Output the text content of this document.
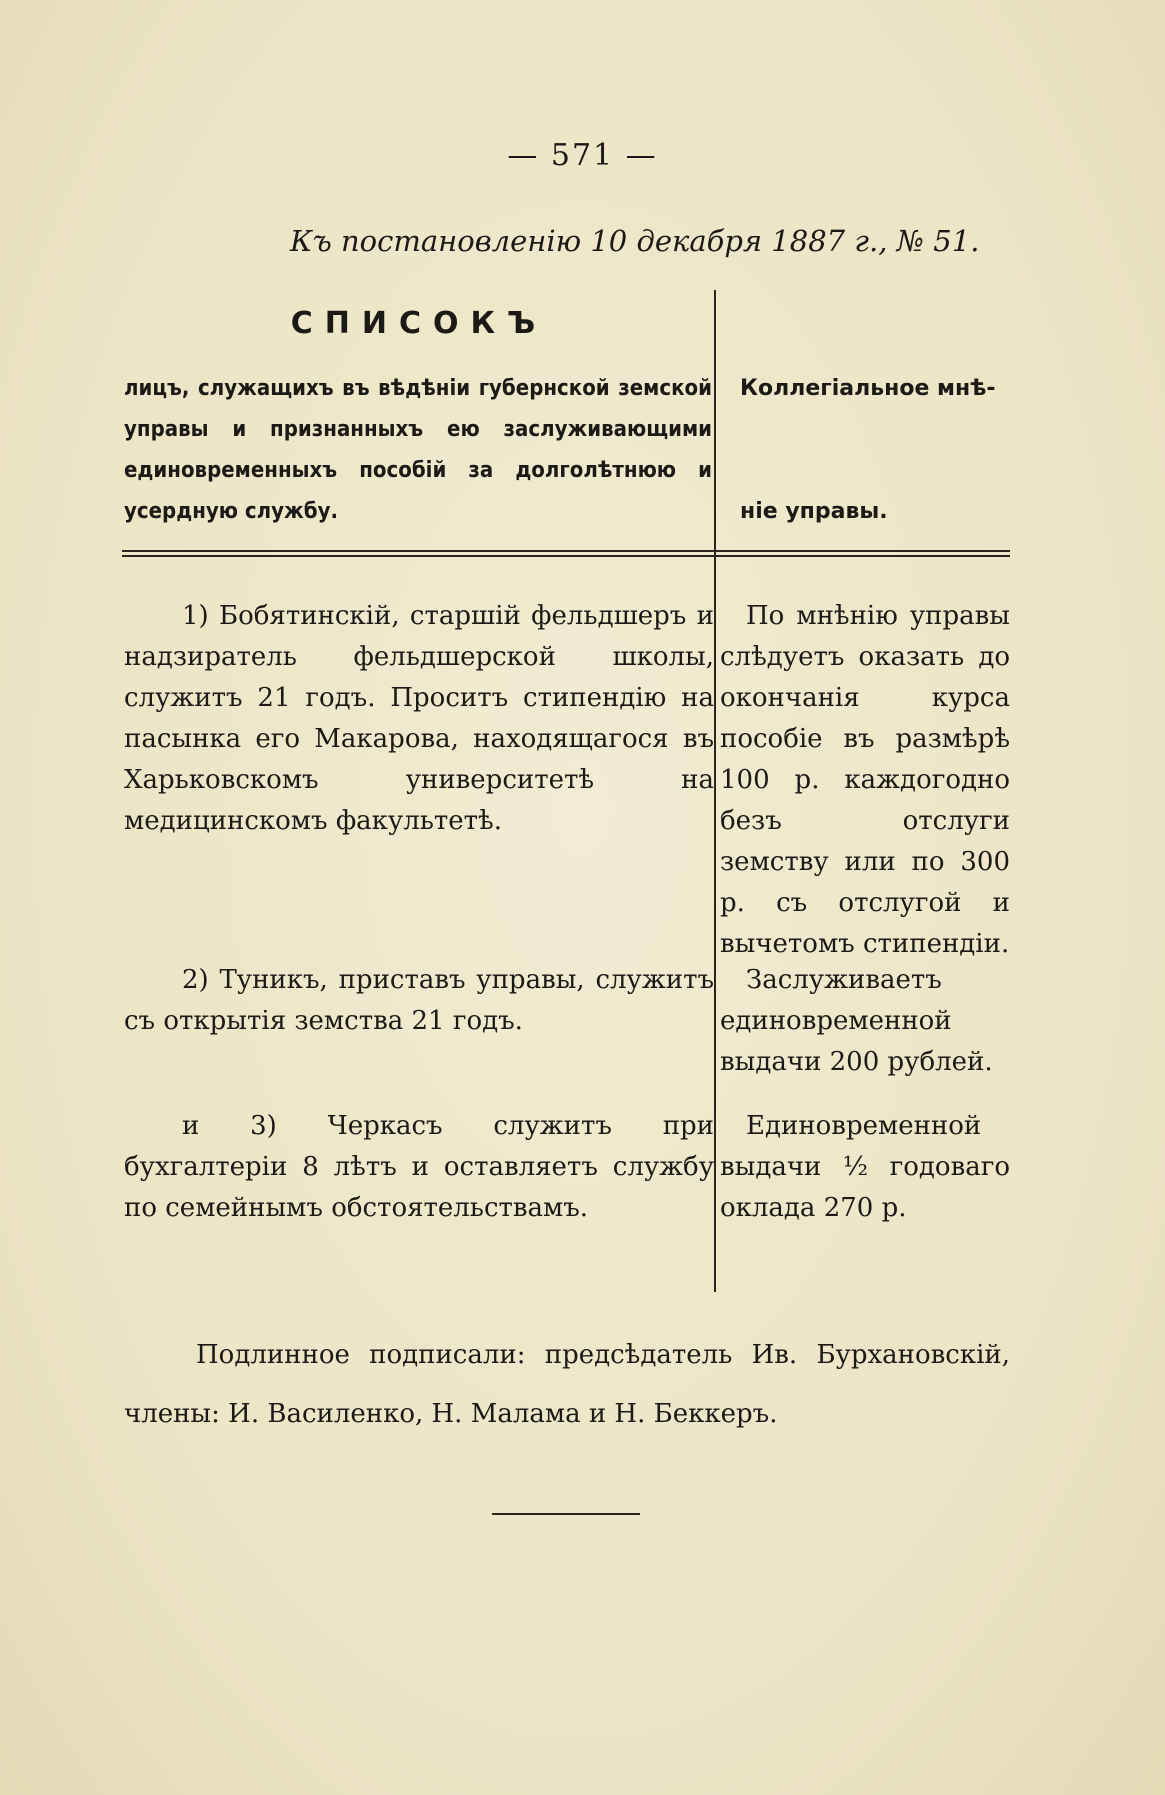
— 571 —
Къ постановленію 10 декабря 1887 г., № 51.
СПИСОКЪ
лицъ, служащихъ въ вѣдѣніи губернской земской управы и признанныхъ ею заслуживающими единовременныхъ пособій за долголѣтнюю и усердную службу.
Коллегіальное мнѣ-
ніе управы.
1) Бобятинскій, старшій фельдшеръ и надзиратель фельдшерской школы, служитъ 21 годъ. Проситъ стипендію на пасынка его Макарова, находящагося въ Харьковскомъ университетѣ на медицинскомъ факультетѣ.
По мнѣнію управы слѣдуетъ оказать до окончанія курса пособіе въ размѣрѣ 100 р. каждогодно безъ отслуги земству или по 300 р. съ отслугой и вычетомъ стипендіи.
2) Туникъ, приставъ управы, служитъ съ открытія земства 21 годъ.
Заслуживаетъ единовременной выдачи 200 рублей.
и 3) Черкасъ служитъ при бухгалтеріи 8 лѣтъ и оставляетъ службу по семейнымъ обстоятельствамъ.
Единовременной выдачи ½ годоваго оклада 270 р.
Подлинное подписали: предсѣдатель Ив. Бурхановскій, члены: И. Василенко, Н. Малама и Н. Беккеръ.
